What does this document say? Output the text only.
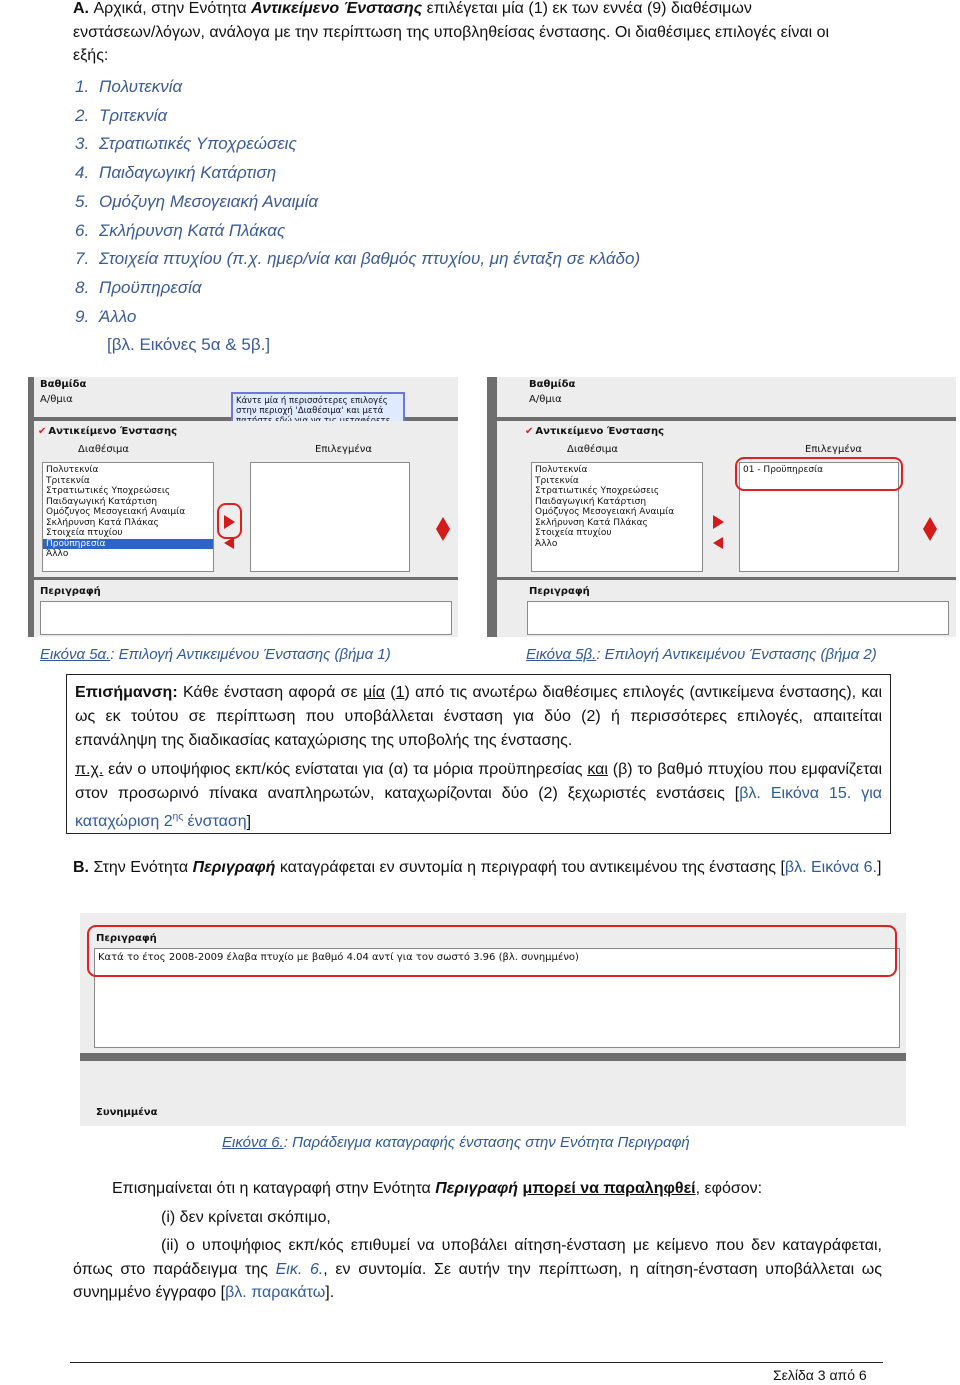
A. Αρχικά, στην Ενότητα Αντικείμενο Ένστασης επιλέγεται μία (1) εκ των εννέα (9) διαθέσιμων
ενστάσεων/λόγων, ανάλογα με την περίπτωση της υποβληθείσας ένστασης. Οι διαθέσιμες επιλογές είναι οι
εξής:
1. Πολυτεκνία
2. Τριτεκνία
3. Στρατιωτικές Υποχρεώσεις
4. Παιδαγωγική Κατάρτιση
5. Ομόζυγη Μεσογειακή Αναιμία
6. Σκλήρυνση Κατά Πλάκας
7. Στοιχεία πτυχίου (π.χ. ημερ/νία και βαθμός πτυχίου, μη ένταξη σε κλάδο)
8. Προϋπηρεσία
9. Άλλο
[βλ. Εικόνες 5α & 5β.]
Βαθμίδα
Α/θμια	Κάντε μία ή περισσότερες επιλογές στην περιοχή 'Διαθέσιμα' και μετά
✔ Αντικείμενο Ένστασης
Διαθέσιμα	Επιλεγμένα
Πολυτεκνία
Τριτεκνία
Στρατιωτικές Υποχρεώσεις
Παιδαγωγική Κατάρτιση
Ομόζυγος Μεσογειακή Αναιμία
Σκλήρυνση Κατά Πλάκας
Στοιχεία πτυχίου
Προϋπηρεσία
Άλλο
Περιγραφή
Βαθμίδα
Α/θμια
✔ Αντικείμενο Ένστασης
Διαθέσιμα	Επιλεγμένα
Πολυτεκνία
Τριτεκνία
Στρατιωτικές Υποχρεώσεις
Παιδαγωγική Κατάρτιση
Ομόζυγος Μεσογειακή Αναιμία
Σκλήρυνση Κατά Πλάκας
Στοιχεία πτυχίου
Άλλο
01 - Προϋπηρεσία
Περιγραφή
Εικόνα 5α.: Επιλογή Αντικειμένου Ένστασης (βήμα 1)	Εικόνα 5β.: Επιλογή Αντικειμένου Ένστασης (βήμα 2)
Επισήμανση: Κάθε ένσταση αφορά σε μία (1) από τις ανωτέρω διαθέσιμες επιλογές (αντικείμενα ένστασης), και ως εκ τούτου σε περίπτωση που υποβάλλεται ένσταση για δύο (2) ή περισσότερες επιλογές, απαιτείται επανάληψη της διαδικασίας καταχώρισης της υποβολής της ένστασης.
π.χ. εάν ο υποψήφιος εκπ/κός ενίσταται για (α) τα μόρια προϋπηρεσίας και (β) το βαθμό πτυχίου που εμφανίζεται στον προσωρινό πίνακα αναπληρωτών, καταχωρίζονται δύο (2) ξεχωριστές ενστάσεις [βλ. Εικόνα 15. για καταχώριση $2^{\eta\varsigma}$ ένσταση]
B. Στην Ενότητα Περιγραφή καταγράφεται εν συντομία η περιγραφή του αντικειμένου της ένστασης [βλ. Εικόνα 6.]
Περιγραφή
Κατά το έτος 2008-2009 έλαβα πτυχίο με βαθμό 4.04 αντί για τον σωστό 3.96 (βλ. συνημμένο)
Συνημμένα
Εικόνα 6.: Παράδειγμα καταγραφής ένστασης στην Ενότητα Περιγραφή
Επισημαίνεται ότι η καταγραφή στην Ενότητα Περιγραφή μπορεί να παραληφθεί, εφόσον:
(i) δεν κρίνεται σκόπιμο,
(ii) ο υποψήφιος εκπ/κός επιθυμεί να υποβάλει αίτηση-ένσταση με κείμενο που δεν καταγράφεται, όπως στο παράδειγμα της Εικ. 6., εν συντομία. Σε αυτήν την περίπτωση, η αίτηση-ένσταση υποβάλλεται ως συνημμένο έγγραφο [βλ. παρακάτω].
Σελίδα 3 από 6
